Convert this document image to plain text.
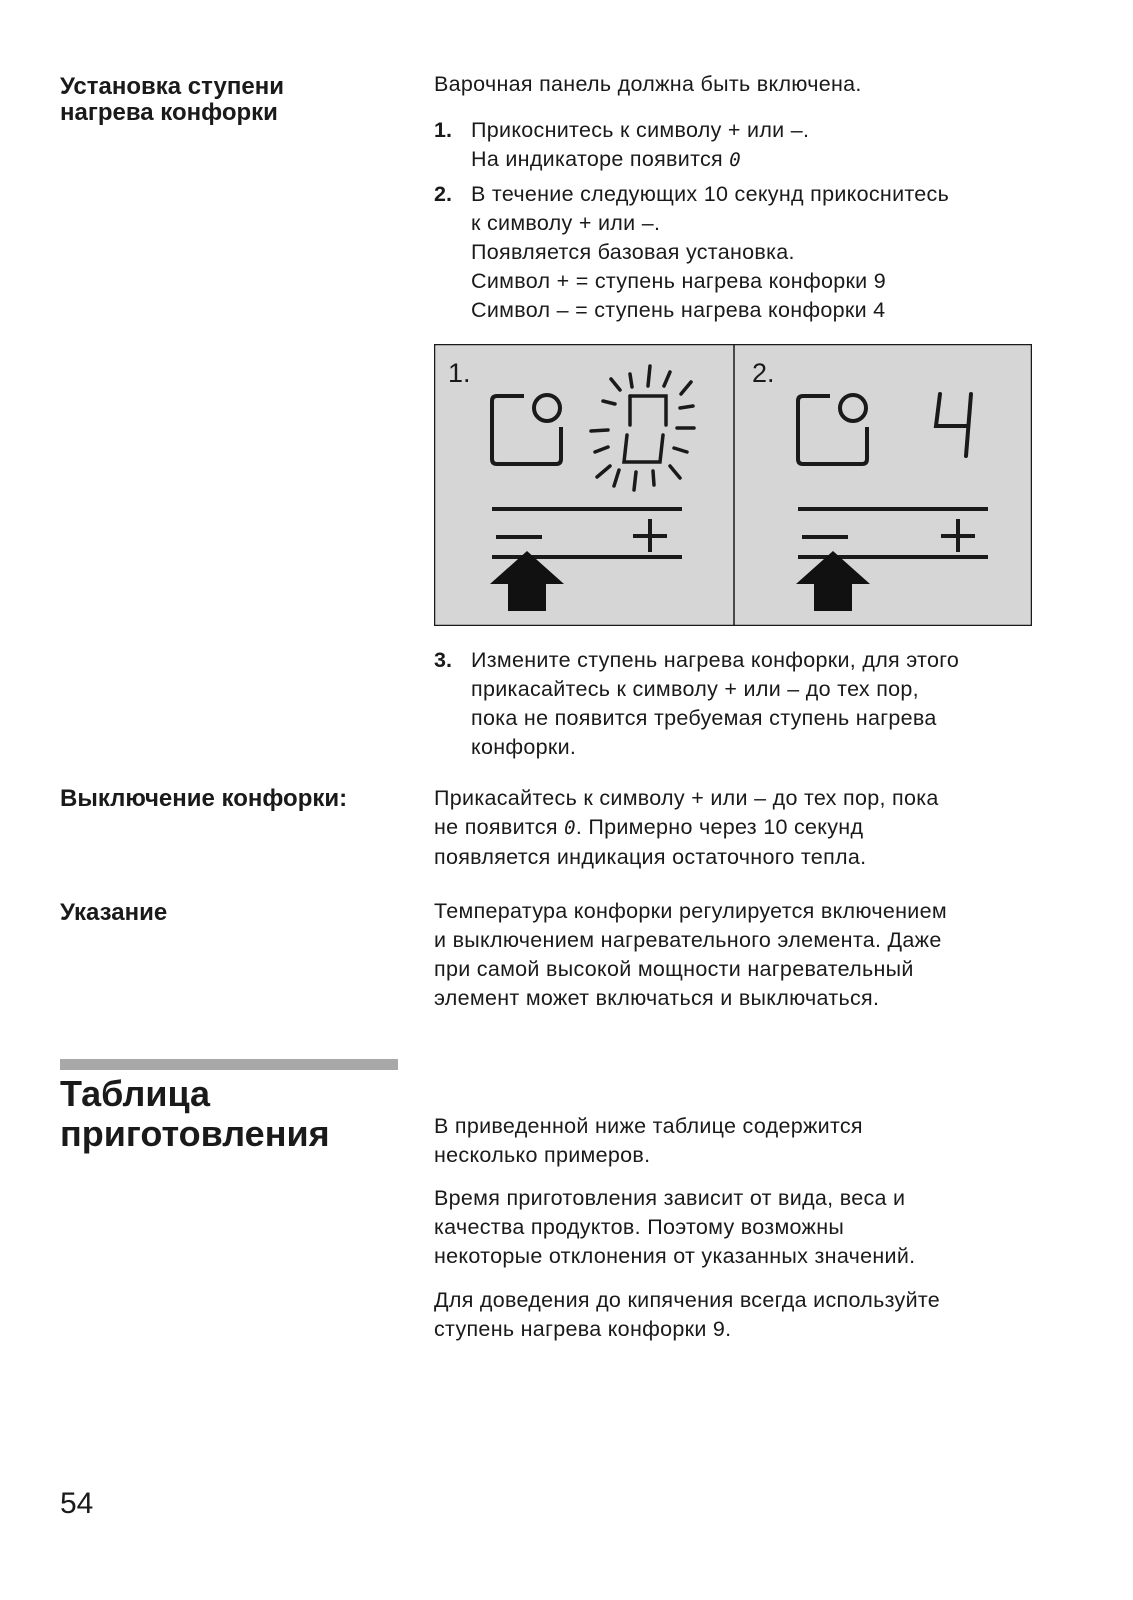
Установка ступени
нагрева конфорки
Варочная панель должна быть включена.
1. Прикоснитесь к символу + или –.
На индикаторе появится 0
2. В течение следующих 10 секунд прикоснитесь
к символу + или –.
Появляется базовая установка.
Символ + = ступень нагрева конфорки 9
Символ – = ступень нагрева конфорки 4
1.	2.
3. Измените ступень нагрева конфорки, для этого
прикасайтесь к символу + или – до тех пор,
пока не появится требуемая ступень нагрева
конфорки.
Выключение конфорки:	Прикасайтесь к символу + или – до тех пор, пока
не появится 0. Примерно через 10 секунд
появляется индикация остаточного тепла.
Указание	Температура конфорки регулируется включением
и выключением нагревательного элемента. Даже
при самой высокой мощности нагревательный
элемент может включаться и выключаться.
Таблица
приготовления	В приведенной ниже таблице содержится
несколько примеров.
Время приготовления зависит от вида, веса и
качества продуктов. Поэтому возможны
некоторые отклонения от указанных значений.
Для доведения до кипячения всегда используйте
ступень нагрева конфорки 9.
54
